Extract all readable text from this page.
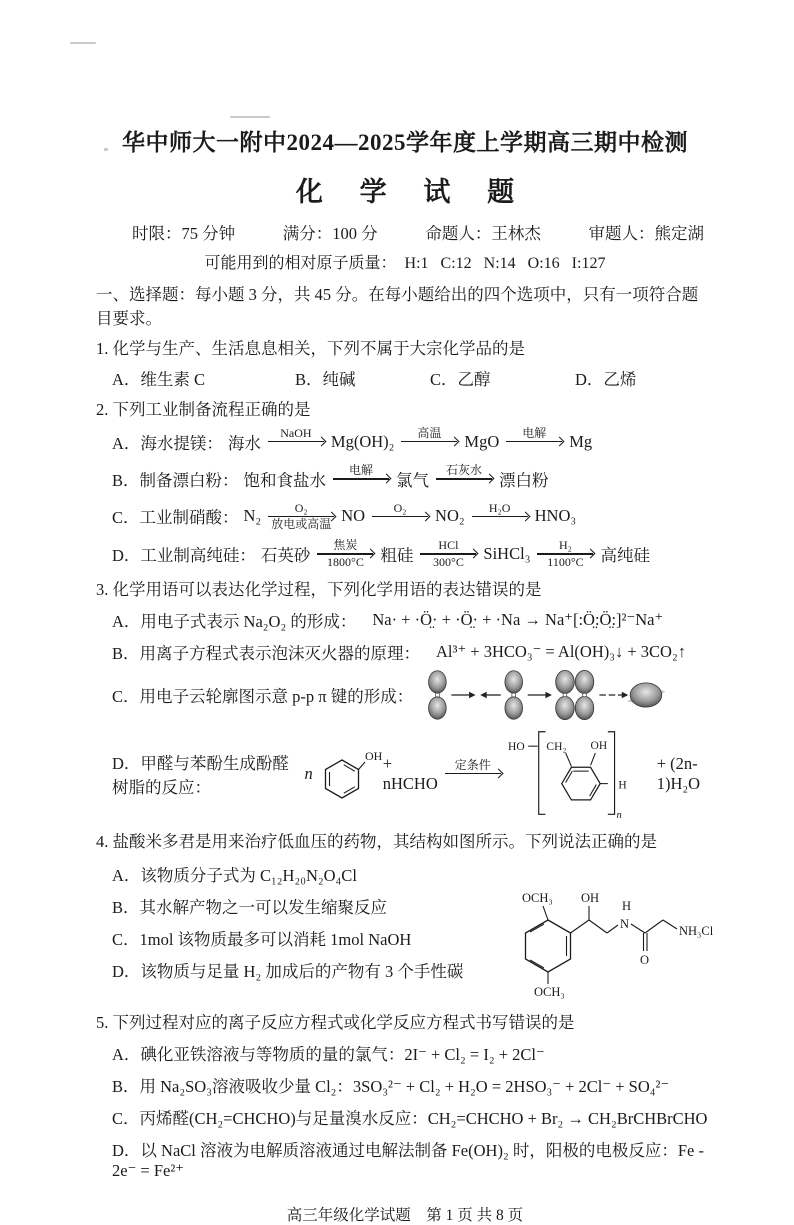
华中师大一附中2024—2025学年度上学期高三期中检测
化 学 试 题
时限：75 分钟	满分：100 分	命题人：王林杰	审题人：熊定湖
可能用到的相对原子质量：  H:1   C:12   N:14   O:16   I:127
一、选择题：每小题 3 分，共 45 分。在每小题给出的四个选项中，只有一项符合题目要求。
1. 化学与生产、生活息息相关，下列不属于大宗化学品的是
A．维生素 C	B．纯碱	C．乙醇	D．乙烯
2. 下列工业制备流程正确的是
A．海水提镁： 海水
NaOH	Mg(OH)₂	高温	MgO	电解	Mg
B．制备漂白粉： 饱和食盐水
电解
氯气
石灰水
漂白粉
C．工业制硝酸： N₂	O₂
放电或高温 NO	O₂	NO₂	H₂O	HNO₃
D．工业制高纯硅： 石英砂
焦炭
1800°C	粗硅
HCl
300°C	SiHCl₃	H₂
1100°C	高纯硅
3. 化学用语可以表达化学过程，下列化学用语的表达错误的是
A．用电子式表示 Na₂O₂ 的形成： Na· + ·Ö̤· + ·Ö̤· + ·Na → Na⁺[:Ö̤:Ö̤:]²⁻Na⁺
B．用离子方程式表示泡沫灭火器的原理： Al³⁺ + 3HCO₃⁻ = Al(OH)₃↓ + 3CO₂↑
C．用电子云轮廓图示意 p-p π 键的形成：
D．甲醛与苯酚生成酚醛树脂的反应：
n
OH + nHCHO
定条件
HO CH₂ OH
H
n
+ (2n-1)H₂O
4. 盐酸米多君是用来治疗低血压的药物，其结构如图所示。下列说法正确的是
A．该物质分子式为 C₁₂H₂₀N₂O₄Cl
B．其水解产物之一可以发生缩聚反应
C．1mol 该物质最多可以消耗 1mol NaOH
D．该物质与足量 H₂ 加成后的产物有 3 个手性碳
OCH₃
OCH₃
OH
H
N
O
NH₃Cl
5. 下列过程对应的离子反应方程式或化学反应方程式书写错误的是
A．碘化亚铁溶液与等物质的量的氯气：2I⁻ + Cl₂ = I₂ + 2Cl⁻
B．用 Na₂SO₃溶液吸收少量 Cl₂：3SO₃²⁻ + Cl₂ + H₂O = 2HSO₃⁻ + 2Cl⁻ + SO₄²⁻
C．丙烯醛(CH₂=CHCHO)与足量溴水反应：CH₂=CHCHO + Br₂ → CH₂BrCHBrCHO
D．以 NaCl 溶液为电解质溶液通过电解法制备 Fe(OH)₂ 时，阳极的电极反应：Fe - 2e⁻ = Fe²⁺
高三年级化学试题　第 1 页 共 8 页
